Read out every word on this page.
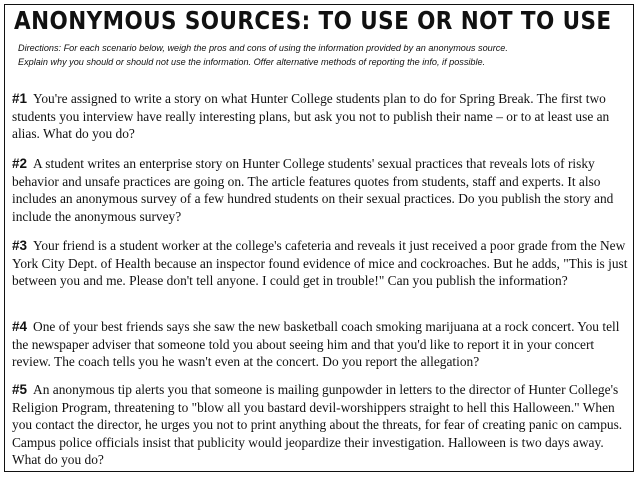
ANONYMOUS SOURCES: TO USE OR NOT TO USE
Directions: For each scenario below, weigh the pros and cons of using the information provided by an anonymous source.
Explain why you should or should not use the information. Offer alternative methods of reporting the info, if possible.
#1 You're assigned to write a story on what Hunter College students plan to do for Spring Break. The first two students you interview have really interesting plans, but ask you not to publish their name – or to at least use an alias. What do you do?
#2 A student writes an enterprise story on Hunter College students' sexual practices that reveals lots of risky behavior and unsafe practices are going on. The article features quotes from students, staff and experts. It also includes an anonymous survey of a few hundred students on their sexual practices. Do you publish the story and include the anonymous survey?
#3 Your friend is a student worker at the college's cafeteria and reveals it just received a poor grade from the New York City Dept. of Health because an inspector found evidence of mice and cockroaches. But he adds, "This is just between you and me. Please don't tell anyone. I could get in trouble!" Can you publish the information?
#4 One of your best friends says she saw the new basketball coach smoking marijuana at a rock concert. You tell the newspaper adviser that someone told you about seeing him and that you'd like to report it in your concert review. The coach tells you he wasn't even at the concert. Do you report the allegation?
#5 An anonymous tip alerts you that someone is mailing gunpowder in letters to the director of Hunter College's Religion Program, threatening to "blow all you bastard devil-worshippers straight to hell this Halloween." When you contact the director, he urges you not to print anything about the threats, for fear of creating panic on campus. Campus police officials insist that publicity would jeopardize their investigation. Halloween is two days away. What do you do?
